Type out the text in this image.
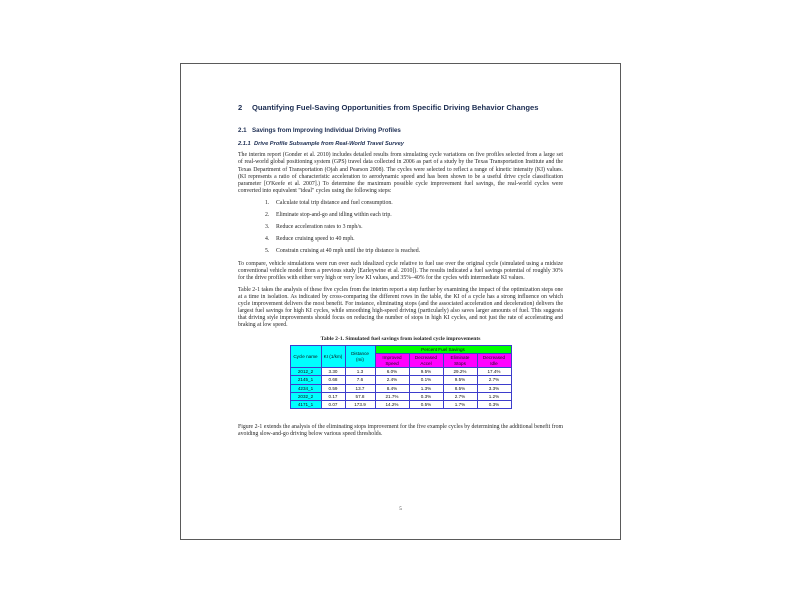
2	Quantifying Fuel-Saving Opportunities from Specific Driving Behavior Changes
2.1 Savings from Improving Individual Driving Profiles
2.1.1 Drive Profile Subsample from Real-World Travel Survey

The interim report (Gonder et al. 2010) includes detailed results from simulating cycle variations on five profiles selected from a large set of real-world global positioning system (GPS) travel data collected in 2006 as part of a study by the Texas Transportation Institute and the Texas Department of Transportation (Ojah and Pearson 2008). The cycles were selected to reflect a range of kinetic intensity (KI) values. (KI represents a ratio of characteristic acceleration to aerodynamic speed and has been shown to be a useful drive cycle classification parameter [O'Keefe et al. 2007].) To determine the maximum possible cycle improvement fuel savings, the real-world cycles were converted into equivalent "ideal" cycles using the following steps:

1.	Calculate total trip distance and fuel consumption.
2.	Eliminate stop-and-go and idling within each trip.
3.	Reduce acceleration rates to 3 mph/s.
4.	Reduce cruising speed to 40 mph.
5.	Constrain cruising at 40 mph until the trip distance is reached.

To compare, vehicle simulations were run over each idealized cycle relative to fuel use over the original cycle (simulated using a midsize conventional vehicle model from a previous study [Earleywine et al. 2010]). The results indicated a fuel savings potential of roughly 30% for the drive profiles with either very high or very low KI values, and 35%–40% for the cycles with intermediate KI values.

Table 2-1 takes the analysis of these five cycles from the interim report a step further by examining the impact of the optimization steps one at a time in isolation. As indicated by cross-comparing the different rows in the table, the KI of a cycle has a strong influence on which cycle improvement delivers the most benefit. For instance, eliminating stops (and the associated acceleration and deceleration) delivers the largest fuel savings for high KI cycles, while smoothing high-speed driving (particularly) also saves larger amounts of fuel. This suggests that driving style improvements should focus on reducing the number of stops in high KI cycles, and not just the rate of accelerating and braking at low speed.

Table 2-1. Simulated fuel savings from isolated cycle improvements
Cycle name	KI (1/km)	Distance (mi)	Percent Fuel Savings			
			Improved Speed	Decreased Accel	Eliminate Stops	Decreased Idle
2012_2	3.30	1.3	6.0%	9.5%	29.2%	17.4%
2145_1	0.68	7.6	2.4%	0.1%	9.5%	2.7%
4234_1	0.59	13.7	8.4%	1.3%	8.5%	3.3%
2032_2	0.17	57.8	21.7%	0.3%	2.7%	1.2%
4171_1	0.07	173.9	14.2%	0.5%	1.7%	0.3%

Figure 2-1 extends the analysis of the eliminating stops improvement for the five example cycles by determining the additional benefit from avoiding slow-and-go driving below various speed thresholds.

5
